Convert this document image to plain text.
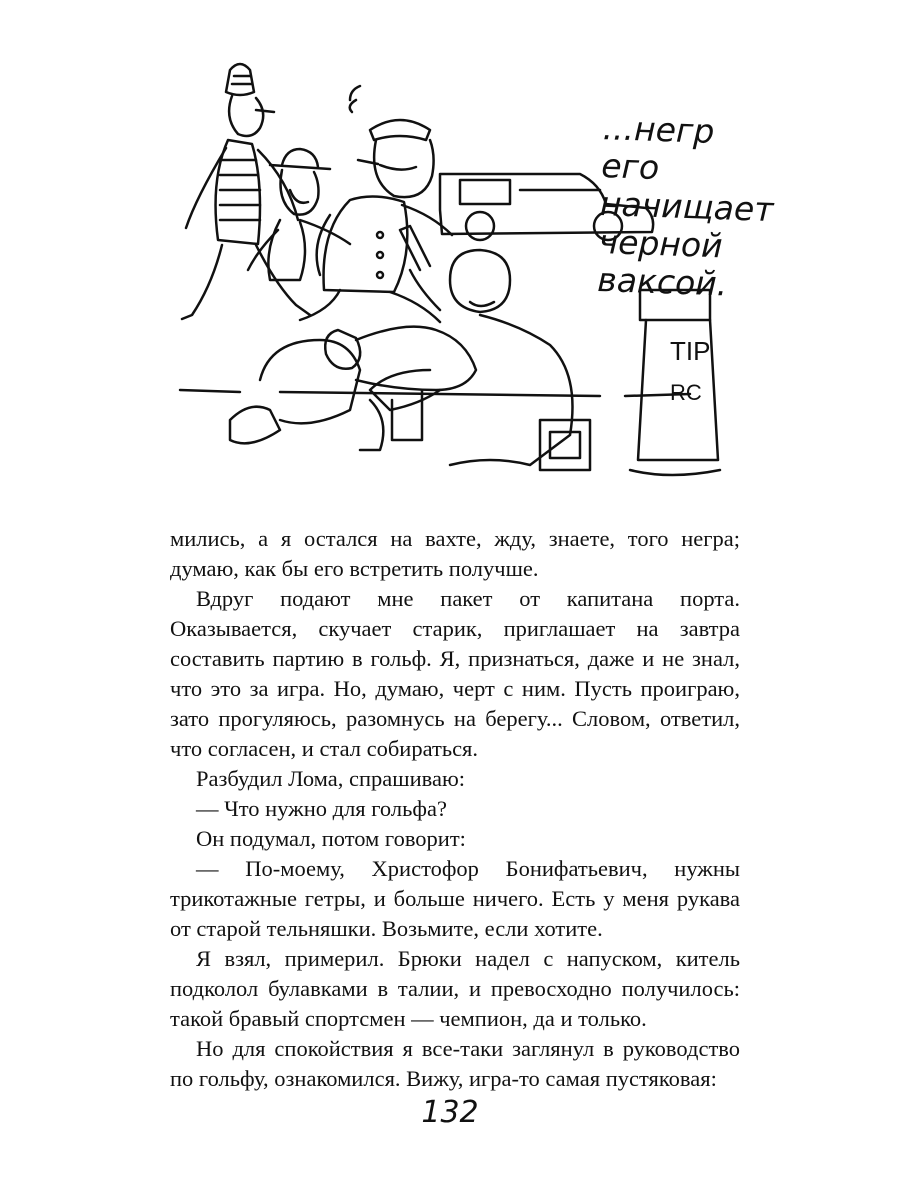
TIP
RC
...негр
его
начищает
черной
ваксой.

мились, а я остался на вахте, жду, знаете, того негра; думаю, как бы его встретить получше.

Вдруг подают мне пакет от капитана порта. Оказывается, скучает старик, приглашает на завтра составить партию в гольф. Я, признаться, даже и не знал, что это за игра. Но, думаю, черт с ним. Пусть проиграю, зато прогуляюсь, разомнусь на берегу... Словом, ответил, что согласен, и стал собираться.

Разбудил Лома, спрашиваю:

— Что нужно для гольфа?

Он подумал, потом говорит:

— По-моему, Христофор Бонифатьевич, нужны трикотажные гетры, и больше ничего. Есть у меня рукава от старой тельняшки. Возьмите, если хотите.

Я взял, примерил. Брюки надел с напуском, китель подколол булавками в талии, и превосходно получилось: такой бравый спортсмен — чемпион, да и только.

Но для спокойствия я все-таки заглянул в руководство по гольфу, ознакомился. Вижу, игра-то самая пустяковая:

132
